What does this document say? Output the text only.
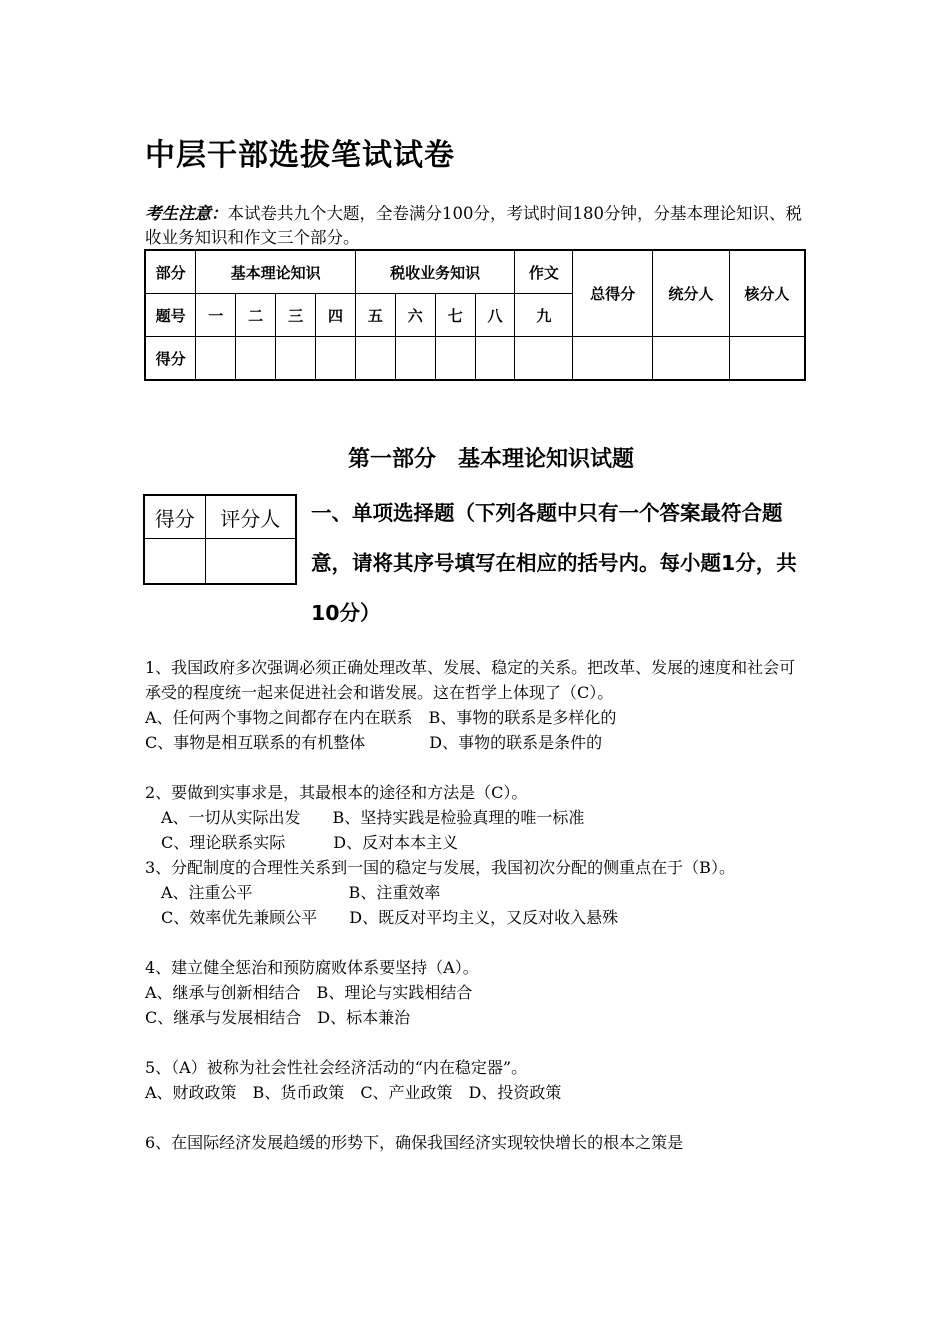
中层干部选拔笔试试卷
考生注意：本试卷共九个大题，全卷满分100分，考试时间180分钟，分基本理论知识、税收业务知识和作文三个部分。
部分	基本理论知识				税收业务知识				作文	总得分	统分人	核分人
题号	一	二	三	四	五	六	七	八	九			
得分												
第一部分　基本理论知识试题
得分	评分人
	一、单项选择题（下列各题中只有一个答案最符合题意，请将其序号填写在相应的括号内。每小题1分，共 10分）

1、我国政府多次强调必须正确处理改革、发展、稳定的关系。把改革、发展的速度和社会可承受的程度统一起来促进社会和谐发展。这在哲学上体现了（C）。

A、任何两个事物之间都存在内在联系　B、事物的联系是多样化的
C、事物是相互联系的有机整体　　　　D、事物的联系是条件的

2、要做到实事求是，其最根本的途径和方法是（C）。

　A、一切从实际出发　　B、坚持实践是检验真理的唯一标准
　C、理论联系实际　　　D、反对本本主义

3、分配制度的合理性关系到一国的稳定与发展，我国初次分配的侧重点在于（B）。

　A、注重公平　　　　　　B、注重效率
　C、效率优先兼顾公平　　D、既反对平均主义，又反对收入悬殊

4、建立健全惩治和预防腐败体系要坚持（A）。

A、继承与创新相结合　B、理论与实践相结合
C、继承与发展相结合　D、标本兼治

5、（A）被称为社会性社会经济活动的“内在稳定器”。

A、财政政策　B、货币政策　C、产业政策　D、投资政策

6、在国际经济发展趋缓的形势下，确保我国经济实现较快增长的根本之策是
